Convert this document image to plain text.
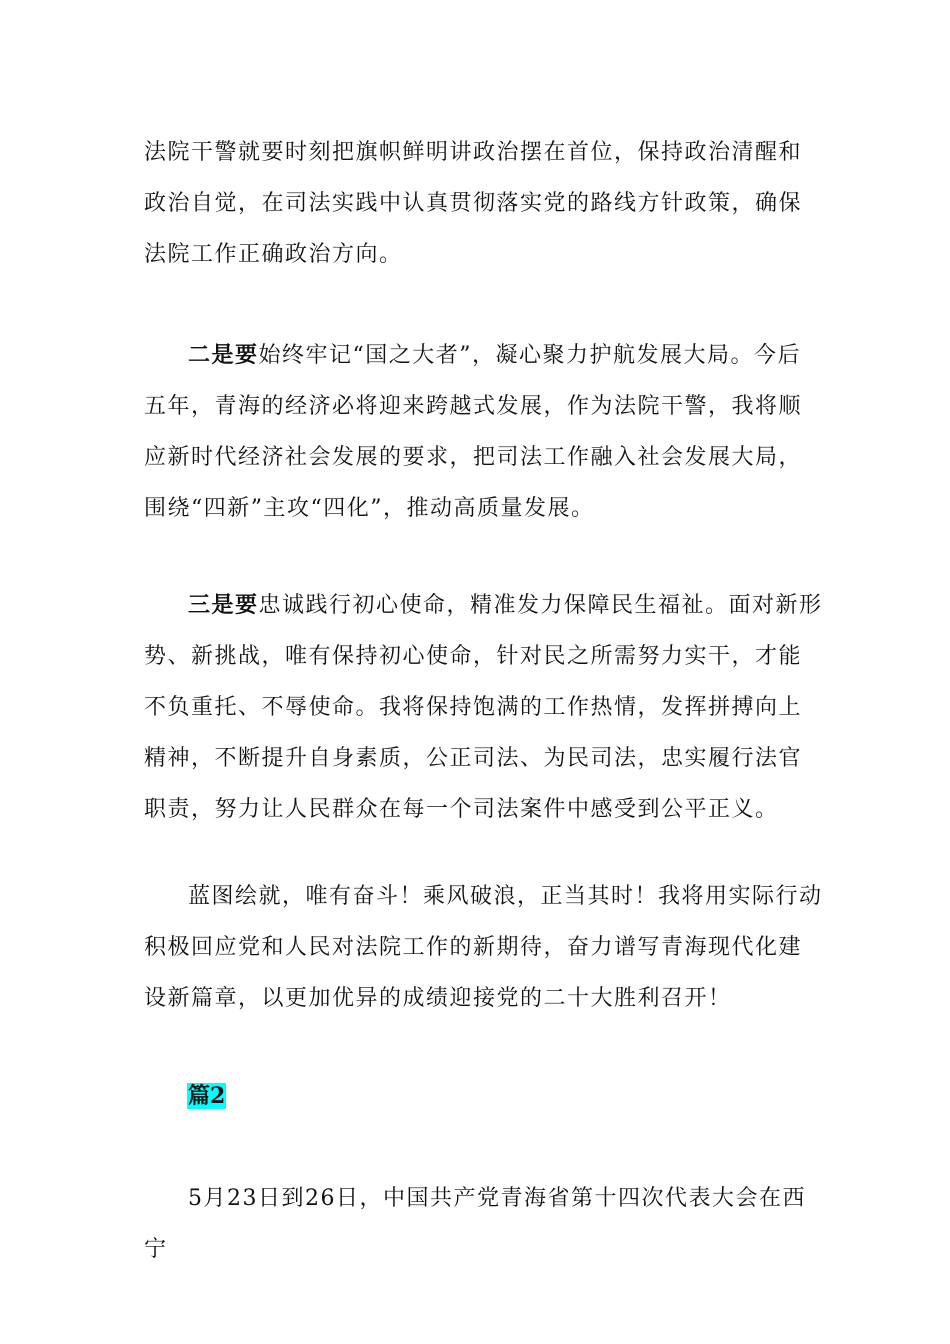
法院干警就要时刻把旗帜鲜明讲政治摆在首位，保持政治清醒和政治自觉，在司法实践中认真贯彻落实党的路线方针政策，确保法院工作正确政治方向。

二是要始终牢记“国之大者”，凝心聚力护航发展大局。今后五年，青海的经济必将迎来跨越式发展，作为法院干警，我将顺应新时代经济社会发展的要求，把司法工作融入社会发展大局，围绕“四新”主攻“四化”，推动高质量发展。

三是要忠诚践行初心使命，精准发力保障民生福祉。面对新形势、新挑战，唯有保持初心使命，针对民之所需努力实干，才能不负重托、不辱使命。我将保持饱满的工作热情，发挥拼搏向上精神，不断提升自身素质，公正司法、为民司法，忠实履行法官职责，努力让人民群众在每一个司法案件中感受到公平正义。

蓝图绘就，唯有奋斗！乘风破浪，正当其时！我将用实际行动积极回应党和人民对法院工作的新期待，奋力谱写青海现代化建设新篇章，以更加优异的成绩迎接党的二十大胜利召开！

篇2

5月23日到26日，中国共产党青海省第十四次代表大会在西宁
